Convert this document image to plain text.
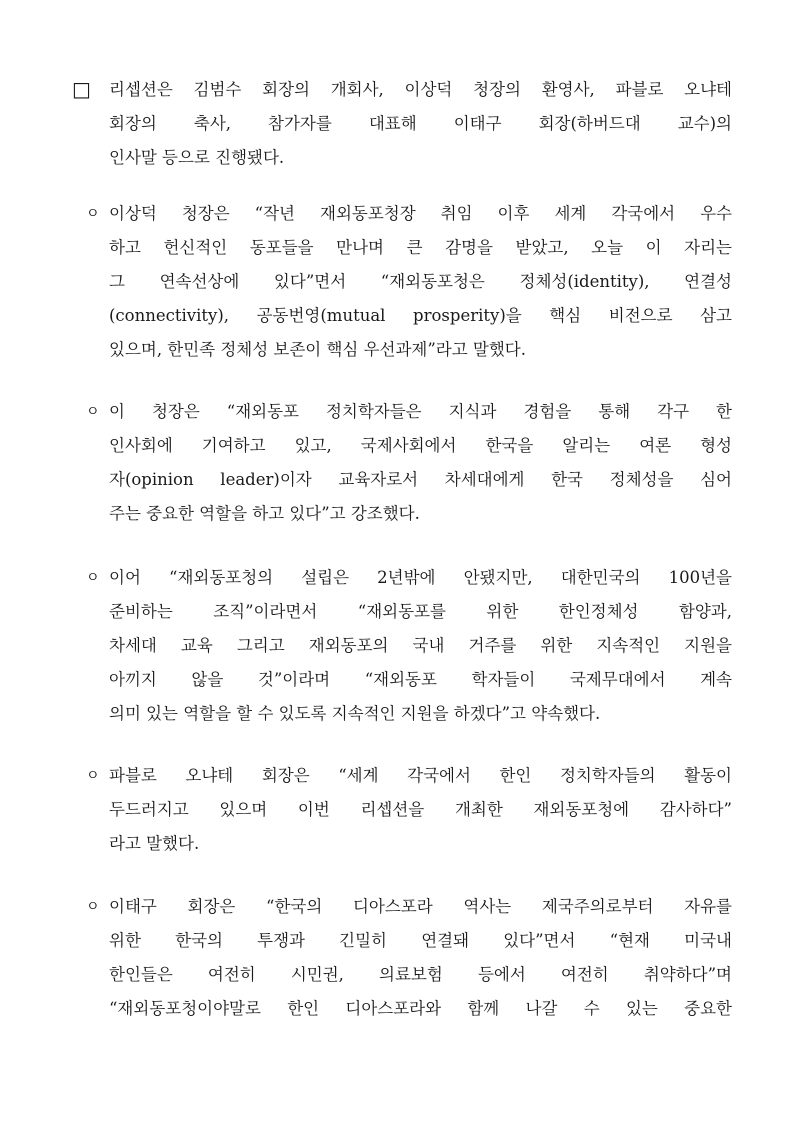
□ 리셉션은 김범수 회장의 개회사, 이상덕 청장의 환영사, 파블로 오냐테
회장의 축사, 참가자를 대표해 이태구 회장(하버드대 교수)의
인사말 등으로 진행됐다.
ㅇ 이상덕 청장은 “작년 재외동포청장 취임 이후 세계 각국에서 우수
하고 헌신적인 동포들을 만나며 큰 감명을 받았고, 오늘 이 자리는
그 연속선상에 있다”면서 “재외동포청은 정체성(identity), 연결성
(connectivity), 공동번영(mutual prosperity)을 핵심 비전으로 삼고
있으며, 한민족 정체성 보존이 핵심 우선과제”라고 말했다.
ㅇ 이 청장은 “재외동포 정치학자들은 지식과 경험을 통해 각구 한
인사회에 기여하고 있고, 국제사회에서 한국을 알리는 여론 형성
자(opinion leader)이자 교육자로서 차세대에게 한국 정체성을 심어
주는 중요한 역할을 하고 있다”고 강조했다.
ㅇ 이어 “재외동포청의 설립은 2년밖에 안됐지만, 대한민국의 100년을
준비하는 조직”이라면서 “재외동포를 위한 한인정체성 함양과,
차세대 교육 그리고 재외동포의 국내 거주를 위한 지속적인 지원을
아끼지 않을 것”이라며 “재외동포 학자들이 국제무대에서 계속
의미 있는 역할을 할 수 있도록 지속적인 지원을 하겠다”고 약속했다.
ㅇ 파블로 오냐테 회장은 “세계 각국에서 한인 정치학자들의 활동이
두드러지고 있으며 이번 리셉션을 개최한 재외동포청에 감사하다”
라고 말했다.
ㅇ 이태구 회장은 “한국의 디아스포라 역사는 제국주의로부터 자유를
위한 한국의 투쟁과 긴밀히 연결돼 있다”면서 “현재 미국내
한인들은 여전히 시민권, 의료보험 등에서 여전히 취약하다”며
“재외동포청이야말로 한인 디아스포라와 함께 나갈 수 있는 중요한
